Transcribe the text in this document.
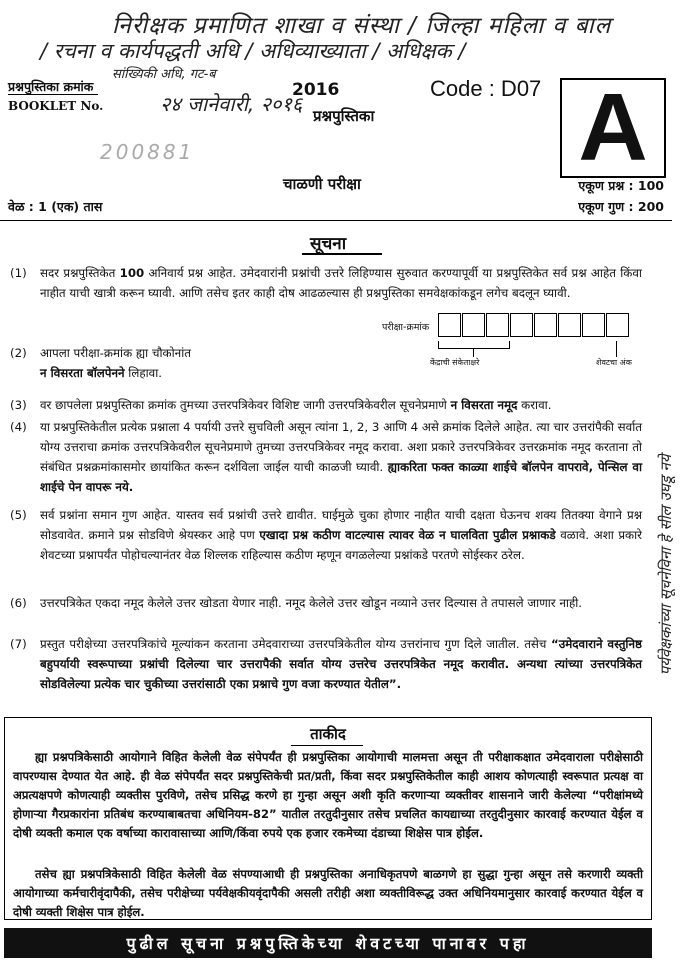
निरीक्षक प्रमाणित शाखा व संस्था / जिल्हा महिला व बाल
/ रचना व कार्यपद्धती अधि / अधिव्याख्याता / अधिक्षक /
सांख्यिकी अधि, गट-ब
२४ जानेवारी, २०१६
प्रश्नपुस्तिका क्रमांक
BOOKLET No.
2016
प्रश्नपुस्तिका
Code : D07 A
200881
चाळणी परीक्षा	एकूण प्रश्न : 100
वेळ : 1 (एक) तास	एकूण गुण : 200
सूचना
(1)	सदर प्रश्नपुस्तिकेत 100 अनिवार्य प्रश्न आहेत. उमेदवारांनी प्रश्नांची उत्तरे लिहिण्यास सुरुवात करण्यापूर्वी या प्रश्नपुस्तिकेत सर्व प्रश्न आहेत किंवा नाहीत याची खात्री करून घ्यावी. आणि तसेच इतर काही दोष आढळल्यास ही प्रश्नपुस्तिका समवेक्षकांकडून लगेच बदलून घ्यावी.
(2)	आपला परीक्षा-क्रमांक ह्या चौकोनांत
न विसरता बॉलपेनने लिहावा.
परीक्षा-क्रमांक
केंद्राची संकेताक्षरे	शेवटचा अंक
(3)	वर छापलेला प्रश्नपुस्तिका क्रमांक तुमच्या उत्तरपत्रिकेवर विशिष्ट जागी उत्तरपत्रिकेवरील सूचनेप्रमाणे न विसरता नमूद करावा.
(4)	या प्रश्नपुस्तिकेतील प्रत्येक प्रश्नाला 4 पर्यायी उत्तरे सुचविली असून त्यांना 1, 2, 3 आणि 4 असे क्रमांक दिलेले आहेत. त्या चार उत्तरांपैकी सर्वात योग्य उत्तराचा क्रमांक उत्तरपत्रिकेवरील सूचनेप्रमाणे तुमच्या उत्तरपत्रिकेवर नमूद करावा. अशा प्रकारे उत्तरपत्रिकेवर उत्तरक्रमांक नमूद करताना तो संबंधित प्रश्नक्रमांकासमोर छायांकित करून दर्शविला जाईल याची काळजी घ्यावी. ह्याकरिता फक्त काळ्या शाईचे बॉलपेन वापरावे, पेन्सिल वा शाईचे पेन वापरू नये.
(5)	सर्व प्रश्नांना समान गुण आहेत. यास्तव सर्व प्रश्नांची उत्तरे द्यावीत. घाईमुळे चुका होणार नाहीत याची दक्षता घेऊनच शक्य तितक्या वेगाने प्रश्न सोडवावेत. क्रमाने प्रश्न सोडविणे श्रेयस्कर आहे पण एखादा प्रश्न कठीण वाटल्यास त्यावर वेळ न घालविता पुढील प्रश्नाकडे वळावे. अशा प्रकारे शेवटच्या प्रश्नापर्यंत पोहोचल्यानंतर वेळ शिल्लक राहिल्यास कठीण म्हणून वगळलेल्या प्रश्नांकडे परतणे सोईस्कर ठरेल.
(6)	उत्तरपत्रिकेत एकदा नमूद केलेले उत्तर खोडता येणार नाही. नमूद केलेले उत्तर खोडून नव्याने उत्तर दिल्यास ते तपासले जाणार नाही.
(7)	प्रस्तुत परीक्षेच्या उत्तरपत्रिकांचे मूल्यांकन करताना उमेदवाराच्या उत्तरपत्रिकेतील योग्य उत्तरांनाच गुण दिले जातील. तसेच “उमेदवाराने वस्तुनिष्ठ बहुपर्यायी स्वरूपाच्या प्रश्नांची दिलेल्या चार उत्तरापैकी सर्वात योग्य उत्तरेच उत्तरपत्रिकेत नमूद करावीत. अन्यथा त्यांच्या उत्तरपत्रिकेत सोडविलेल्या प्रत्येक चार चुकीच्या उत्तरांसाठी एका प्रश्नाचे गुण वजा करण्यात येतील”.
पर्यवेक्षकांच्या सूचनेविना हे सील उघडू नये
ताकीद
ह्या प्रश्नपत्रिकेसाठी आयोगाने विहित केलेली वेळ संपेपर्यंत ही प्रश्नपुस्तिका आयोगाची मालमत्ता असून ती परीक्षाकक्षात उमेदवाराला परीक्षेसाठी वापरण्यास देण्यात येत आहे. ही वेळ संपेपर्यंत सदर प्रश्नपुस्तिकेची प्रत/प्रती, किंवा सदर प्रश्नपुस्तिकेतील काही आशय कोणत्याही स्वरूपात प्रत्यक्ष वा अप्रत्यक्षपणे कोणत्याही व्यक्तीस पुरविणे, तसेच प्रसिद्ध करणे हा गुन्हा असून अशी कृति करणाऱ्या व्यक्तीवर शासनाने जारी केलेल्या “परीक्षांमध्ये होणाऱ्या गैरप्रकारांना प्रतिबंध करण्याबाबतचा अधिनियम-82” यातील तरतुदीनुसार तसेच प्रचलित कायद्याच्या तरतुदीनुसार कारवाई करण्यात येईल व दोषी व्यक्ती कमाल एक वर्षाच्या कारावासाच्या आणि/किंवा रुपये एक हजार रकमेच्या दंडाच्या शिक्षेस पात्र होईल.
तसेच ह्या प्रश्नपत्रिकेसाठी विहित केलेली वेळ संपण्याआधी ही प्रश्नपुस्तिका अनाधिकृतपणे बाळगणे हा सुद्धा गुन्हा असून तसे करणारी व्यक्ती आयोगाच्या कर्मचारीवृंदापैकी, तसेच परीक्षेच्या पर्यवेक्षकीयवृंदापैकी असली तरीही अशा व्यक्तीविरूद्ध उक्त अधिनियमानुसार कारवाई करण्यात येईल व दोषी व्यक्ती शिक्षेस पात्र होईल.
पुढील सूचना प्रश्नपुस्तिकेच्या शेवटच्या पानावर पहा
